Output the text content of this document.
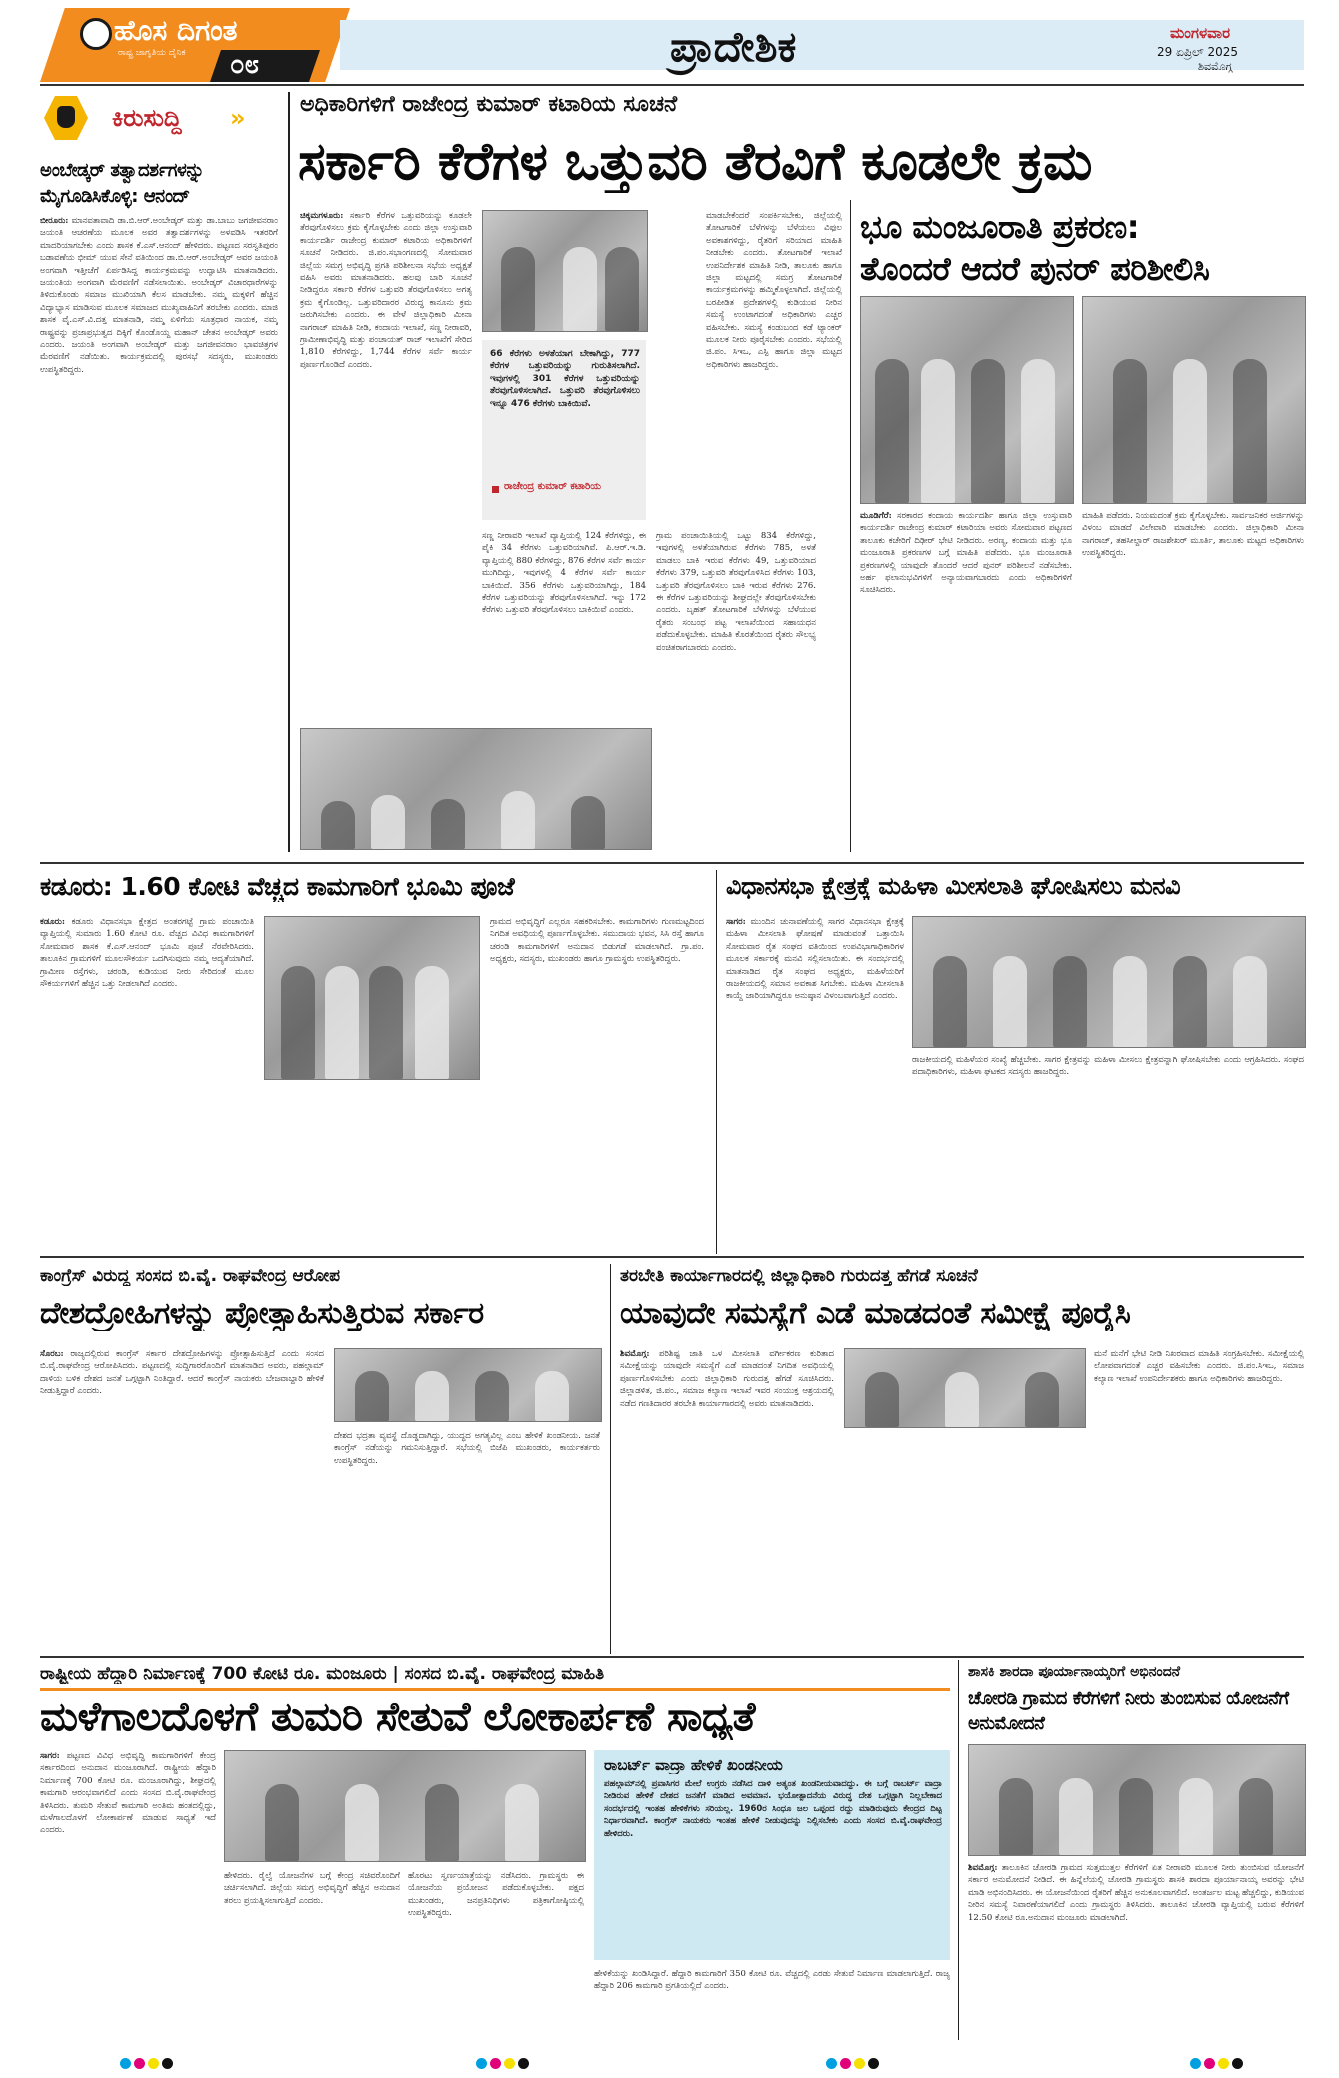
ಹೊಸ ದಿಗಂತ
ರಾಷ್ಟ್ರ ಜಾಗೃತಿಯ ದೈನಿಕ ೦೮	ಪ್ರಾದೇಶಿಕ	ಮಂಗಳವಾರ
29 ಏಪ್ರಿಲ್ 2025
ಶಿವಮೊಗ್ಗ
ಕಿರುಸುದ್ದಿ »
ಅಂಬೇಡ್ಕರ್ ತತ್ವಾದರ್ಶಗಳನ್ನು ಮೈಗೂಡಿಸಿಕೊಳ್ಳಿ: ಆನಂದ್
ಬೀರೂರು: ಮಾನವತಾವಾದಿ ಡಾ.ಬಿ.ಆರ್.ಅಂಬೇಡ್ಕರ್ ಮತ್ತು ಡಾ.ಬಾಬು ಜಗಜೀವನರಾಂ ಜಯಂತಿ ಆಚರಣೆಯ ಮೂಲಕ ಅವರ ತತ್ವಾದರ್ಶಗಳನ್ನು ಅಳವಡಿಸಿ ಇತರರಿಗೆ ಮಾದರಿಯಾಗಬೇಕು ಎಂದು ಶಾಸಕ ಕೆ.ಎಸ್.ಆನಂದ್ ಹೇಳಿದರು. ಪಟ್ಟಣದ ಸರಸ್ವತಿಪುರಂ ಬಡಾವಣೆಯ ಭೀಮ್ ಯುವ ಸೇನೆ ವತಿಯಿಂದ ಡಾ.ಬಿ.ಆರ್.ಅಂಬೇಡ್ಕರ್ ಅವರ ಜಯಂತಿ ಅಂಗವಾಗಿ ಇತ್ತೀಚೆಗೆ ಏರ್ಪಡಿಸಿದ್ದ ಕಾರ್ಯಕ್ರಮವನ್ನು ಉದ್ಘಾಟಿಸಿ ಮಾತನಾಡಿದರು. ಜಯಂತಿಯ ಅಂಗವಾಗಿ ಮೆರವಣಿಗೆ ನಡೆಸಲಾಯಿತು. ಅಂಬೇಡ್ಕರ್ ವಿಚಾರಧಾರೆಗಳನ್ನು ತಿಳಿದುಕೊಂಡು ಸಮಾಜ ಮುಖಿಯಾಗಿ ಕೆಲಸ ಮಾಡಬೇಕು. ನಮ್ಮ ಮಕ್ಕಳಿಗೆ ಹೆಚ್ಚಿನ ವಿದ್ಯಾಭ್ಯಾಸ ಮಾಡಿಸುವ ಮೂಲಕ ಸಮಾಜದ ಮುಖ್ಯವಾಹಿನಿಗೆ ತರಬೇಕು ಎಂದರು. ಮಾಜಿ ಶಾಸಕ ವೈ.ಎಸ್.ವಿ.ದತ್ತ ಮಾತನಾಡಿ, ನಮ್ಮ ಏಳಿಗೆಯ ಸೂತ್ರಧಾರ ನಾಯಕ, ನಮ್ಮ ರಾಷ್ಟ್ರವನ್ನು ಪ್ರಜಾಪ್ರಭುತ್ವದ ದಿಕ್ಕಿಗೆ ಕೊಂಡೊಯ್ದ ಮಹಾನ್ ಚೇತನ ಅಂಬೇಡ್ಕರ್ ಅವರು ಎಂದರು. ಜಯಂತಿ ಅಂಗವಾಗಿ ಅಂಬೇಡ್ಕರ್ ಮತ್ತು ಜಗಜೀವನರಾಂ ಭಾವಚಿತ್ರಗಳ ಮೆರವಣಿಗೆ ನಡೆಯಿತು. ಕಾರ್ಯಕ್ರಮದಲ್ಲಿ ಪುರಸಭೆ ಸದಸ್ಯರು, ಮುಖಂಡರು ಉಪಸ್ಥಿತರಿದ್ದರು.
ಅಧಿಕಾರಿಗಳಿಗೆ ರಾಜೇಂದ್ರ ಕುಮಾರ್ ಕಟಾರಿಯ ಸೂಚನೆ
ಸರ್ಕಾರಿ ಕೆರೆಗಳ ಒತ್ತುವರಿ ತೆರವಿಗೆ ಕೂಡಲೇ ಕ್ರಮ
ಚಿಕ್ಕಮಗಳೂರು: ಸರ್ಕಾರಿ ಕೆರೆಗಳ ಒತ್ತುವರಿಯನ್ನು ಕೂಡಲೇ ತೆರವುಗೊಳಿಸಲು ಕ್ರಮ ಕೈಗೊಳ್ಳಬೇಕು ಎಂದು ಜಿಲ್ಲಾ ಉಸ್ತುವಾರಿ ಕಾರ್ಯದರ್ಶಿ ರಾಜೇಂದ್ರ ಕುಮಾರ್ ಕಟಾರಿಯ ಅಧಿಕಾರಿಗಳಿಗೆ ಸೂಚನೆ ನೀಡಿದರು. ಜಿ.ಪಂ.ಸಭಾಂಗಣದಲ್ಲಿ ಸೋಮವಾರ ಜಿಲ್ಲೆಯ ಸಮಗ್ರ ಅಭಿವೃದ್ಧಿ ಪ್ರಗತಿ ಪರಿಶೀಲನಾ ಸಭೆಯ ಅಧ್ಯಕ್ಷತೆ ವಹಿಸಿ ಅವರು ಮಾತನಾಡಿದರು. ಹಲವು ಬಾರಿ ಸೂಚನೆ ನೀಡಿದ್ದರೂ ಸರ್ಕಾರಿ ಕೆರೆಗಳ ಒತ್ತುವರಿ ತೆರವುಗೊಳಿಸಲು ಅಗತ್ಯ ಕ್ರಮ ಕೈಗೊಂಡಿಲ್ಲ. ಒತ್ತುವರಿದಾರರ ವಿರುದ್ಧ ಕಾನೂನು ಕ್ರಮ ಜರುಗಿಸಬೇಕು ಎಂದರು. ಈ ವೇಳೆ ಜಿಲ್ಲಾಧಿಕಾರಿ ಮೀನಾ ನಾಗರಾಜ್ ಮಾಹಿತಿ ನೀಡಿ, ಕಂದಾಯ ಇಲಾಖೆ, ಸಣ್ಣ ನೀರಾವರಿ, ಗ್ರಾಮೀಣಾಭಿವೃದ್ಧಿ ಮತ್ತು ಪಂಚಾಯತ್ ರಾಜ್ ಇಲಾಖೆಗೆ ಸೇರಿದ 1,810 ಕೆರೆಗಳಿದ್ದು, 1,744 ಕೆರೆಗಳ ಸರ್ವೆ ಕಾರ್ಯ ಪೂರ್ಣಗೊಂಡಿದೆ ಎಂದರು.
66 ಕೆರೆಗಳು ಅಳತೆಯಾಗ ಬೇಕಾಗಿದ್ದು, 777 ಕೆರೆಗಳ ಒತ್ತುವರಿಯನ್ನು ಗುರುತಿಸಲಾಗಿದೆ. ಇವುಗಳಲ್ಲಿ 301 ಕೆರೆಗಳ ಒತ್ತುವರಿಯನ್ನು ತೆರವುಗೊಳಿಸಲಾಗಿದೆ. ಒತ್ತುವರಿ ತೆರವುಗೊಳಿಸಲು ಇನ್ನೂ 476 ಕೆರೆಗಳು ಬಾಕಿಯಿವೆ.
ರಾಜೇಂದ್ರ ಕುಮಾರ್ ಕಟಾರಿಯ
ಸಣ್ಣ ನೀರಾವರಿ ಇಲಾಖೆ ವ್ಯಾಪ್ತಿಯಲ್ಲಿ 124 ಕೆರೆಗಳಿದ್ದು, ಈ ಪೈಕಿ 34 ಕೆರೆಗಳು ಒತ್ತುವರಿಯಾಗಿವೆ. ಪಿ.ಆರ್.ಇ.ಡಿ. ವ್ಯಾಪ್ತಿಯಲ್ಲಿ 880 ಕೆರೆಗಳಿದ್ದು, 876 ಕೆರೆಗಳ ಸರ್ವೆ ಕಾರ್ಯ ಮುಗಿದಿದ್ದು, ಇವುಗಳಲ್ಲಿ 4 ಕೆರೆಗಳ ಸರ್ವೆ ಕಾರ್ಯ ಬಾಕಿಯಿದೆ. 356 ಕೆರೆಗಳು ಒತ್ತುವರಿಯಾಗಿದ್ದು, 184 ಕೆರೆಗಳ ಒತ್ತುವರಿಯನ್ನು ತೆರವುಗೊಳಿಸಲಾಗಿದೆ. ಇನ್ನು 172 ಕೆರೆಗಳು ಒತ್ತುವರಿ ತೆರವುಗೊಳಿಸಲು ಬಾಕಿಯಿವೆ ಎಂದರು.
ಗ್ರಾಮ ಪಂಚಾಯಿತಿಯಲ್ಲಿ ಒಟ್ಟು 834 ಕೆರೆಗಳಿದ್ದು, ಇವುಗಳಲ್ಲಿ ಅಳತೆಯಾಗಿರುವ ಕೆರೆಗಳು 785, ಅಳತೆ ಮಾಡಲು ಬಾಕಿ ಇರುವ ಕೆರೆಗಳು 49, ಒತ್ತುವರಿಯಾದ ಕೆರೆಗಳು 379, ಒತ್ತುವರಿ ತೆರವುಗೊಳಿಸಿದ ಕೆರೆಗಳು 103, ಒತ್ತುವರಿ ತೆರವುಗೊಳಿಸಲು ಬಾಕಿ ಇರುವ ಕೆರೆಗಳು 276. ಈ ಕೆರೆಗಳ ಒತ್ತುವರಿಯನ್ನು ಶೀಘ್ರದಲ್ಲೇ ತೆರವುಗೊಳಿಸಬೇಕು ಎಂದರು. ಬೃಹತ್ ತೋಟಗಾರಿಕೆ ಬೆಳೆಗಳನ್ನು ಬೆಳೆಯುವ ರೈತರು ಸಂಬಂಧ ಪಟ್ಟ ಇಲಾಖೆಯಿಂದ ಸಹಾಯಧನ ಪಡೆದುಕೊಳ್ಳಬೇಕು. ಮಾಹಿತಿ ಕೊರತೆಯಿಂದ ರೈತರು ಸೌಲಭ್ಯ ವಂಚಿತರಾಗಬಾರದು ಎಂದರು.
ಮಾಡಬೇಕೆಂದರೆ ಸಂಪರ್ಕಿಸಬೇಕು, ಜಿಲ್ಲೆಯಲ್ಲಿ ತೋಟಗಾರಿಕೆ ಬೆಳೆಗಳನ್ನು ಬೆಳೆಯಲು ವಿಫುಲ ಅವಕಾಶಗಳಿದ್ದು, ರೈತರಿಗೆ ಸರಿಯಾದ ಮಾಹಿತಿ ನೀಡಬೇಕು ಎಂದರು. ತೋಟಗಾರಿಕೆ ಇಲಾಖೆ ಉಪನಿರ್ದೇಶಕ ಮಾಹಿತಿ ನೀಡಿ, ತಾಲೂಕು ಹಾಗೂ ಜಿಲ್ಲಾ ಮಟ್ಟದಲ್ಲಿ ಸಮಗ್ರ ತೋಟಗಾರಿಕೆ ಕಾರ್ಯಕ್ರಮಗಳನ್ನು ಹಮ್ಮಿಕೊಳ್ಳಲಾಗಿದೆ. ಜಿಲ್ಲೆಯಲ್ಲಿ ಬರಪೀಡಿತ ಪ್ರದೇಶಗಳಲ್ಲಿ ಕುಡಿಯುವ ನೀರಿನ ಸಮಸ್ಯೆ ಉಂಟಾಗದಂತೆ ಅಧಿಕಾರಿಗಳು ಎಚ್ಚರ ವಹಿಸಬೇಕು. ಸಮಸ್ಯೆ ಕಂಡುಬಂದ ಕಡೆ ಟ್ಯಾಂಕರ್ ಮೂಲಕ ನೀರು ಪೂರೈಸಬೇಕು ಎಂದರು. ಸಭೆಯಲ್ಲಿ ಜಿ.ಪಂ. ಸಿಇಒ, ಎಸ್ಪಿ ಹಾಗೂ ಜಿಲ್ಲಾ ಮಟ್ಟದ ಅಧಿಕಾರಿಗಳು ಹಾಜರಿದ್ದರು.
ಭೂ ಮಂಜೂರಾತಿ ಪ್ರಕರಣ:
ತೊಂದರೆ ಆದರೆ ಪುನರ್ ಪರಿಶೀಲಿಸಿ
ಮೂಡಿಗೆರೆ: ಸರಕಾರದ ಕಂದಾಯ ಕಾರ್ಯದರ್ಶಿ ಹಾಗೂ ಜಿಲ್ಲಾ ಉಸ್ತುವಾರಿ ಕಾರ್ಯದರ್ಶಿ ರಾಜೇಂದ್ರ ಕುಮಾರ್ ಕಟಾರಿಯಾ ಅವರು ಸೋಮವಾರ ಪಟ್ಟಣದ ತಾಲೂಕು ಕಚೇರಿಗೆ ದಿಢೀರ್ ಭೇಟಿ ನೀಡಿದರು. ಅರಣ್ಯ, ಕಂದಾಯ ಮತ್ತು ಭೂ ಮಂಜೂರಾತಿ ಪ್ರಕರಣಗಳ ಬಗ್ಗೆ ಮಾಹಿತಿ ಪಡೆದರು. ಭೂ ಮಂಜೂರಾತಿ ಪ್ರಕರಣಗಳಲ್ಲಿ ಯಾವುದೇ ತೊಂದರೆ ಆದರೆ ಪುನರ್ ಪರಿಶೀಲನೆ ನಡೆಸಬೇಕು. ಅರ್ಹ ಫಲಾನುಭವಿಗಳಿಗೆ ಅನ್ಯಾಯವಾಗಬಾರದು ಎಂದು ಅಧಿಕಾರಿಗಳಿಗೆ ಸೂಚಿಸಿದರು.
ಮಾಹಿತಿ ಪಡೆದರು. ನಿಯಮದಂತೆ ಕ್ರಮ ಕೈಗೊಳ್ಳಬೇಕು. ಸಾರ್ವಜನಿಕರ ಅರ್ಜಿಗಳನ್ನು ವಿಳಂಬ ಮಾಡದೆ ವಿಲೇವಾರಿ ಮಾಡಬೇಕು ಎಂದರು. ಜಿಲ್ಲಾಧಿಕಾರಿ ಮೀನಾ ನಾಗರಾಜ್, ತಹಸೀಲ್ದಾರ್ ರಾಜಶೇಖರ್ ಮೂರ್ತಿ, ತಾಲೂಕು ಮಟ್ಟದ ಅಧಿಕಾರಿಗಳು ಉಪಸ್ಥಿತರಿದ್ದರು.
ಕಡೂರು: 1.60 ಕೋಟಿ ವೆಚ್ಚದ ಕಾಮಗಾರಿಗೆ ಭೂಮಿ ಪೂಜೆ
ಕಡೂರು: ಕಡೂರು ವಿಧಾನಸಭಾ ಕ್ಷೇತ್ರದ ಅಂತರಗಟ್ಟೆ ಗ್ರಾಮ ಪಂಚಾಯಿತಿ ವ್ಯಾಪ್ತಿಯಲ್ಲಿ ಸುಮಾರು 1.60 ಕೋಟಿ ರೂ. ವೆಚ್ಚದ ವಿವಿಧ ಕಾಮಗಾರಿಗಳಿಗೆ ಸೋಮವಾರ ಶಾಸಕ ಕೆ.ಎಸ್.ಆನಂದ್ ಭೂಮಿ ಪೂಜೆ ನೆರವೇರಿಸಿದರು. ತಾಲೂಕಿನ ಗ್ರಾಮಗಳಿಗೆ ಮೂಲಸೌಕರ್ಯ ಒದಗಿಸುವುದು ನಮ್ಮ ಆದ್ಯತೆಯಾಗಿದೆ. ಗ್ರಾಮೀಣ ರಸ್ತೆಗಳು, ಚರಂಡಿ, ಕುಡಿಯುವ ನೀರು ಸೇರಿದಂತೆ ಮೂಲ ಸೌಕರ್ಯಗಳಿಗೆ ಹೆಚ್ಚಿನ ಒತ್ತು ನೀಡಲಾಗಿದೆ ಎಂದರು.
ಗ್ರಾಮದ ಅಭಿವೃದ್ಧಿಗೆ ಎಲ್ಲರೂ ಸಹಕರಿಸಬೇಕು. ಕಾಮಗಾರಿಗಳು ಗುಣಮಟ್ಟದಿಂದ ನಿಗದಿತ ಅವಧಿಯಲ್ಲಿ ಪೂರ್ಣಗೊಳ್ಳಬೇಕು. ಸಮುದಾಯ ಭವನ, ಸಿಸಿ ರಸ್ತೆ ಹಾಗೂ ಚರಂಡಿ ಕಾಮಗಾರಿಗಳಿಗೆ ಅನುದಾನ ಬಿಡುಗಡೆ ಮಾಡಲಾಗಿದೆ. ಗ್ರಾ.ಪಂ. ಅಧ್ಯಕ್ಷರು, ಸದಸ್ಯರು, ಮುಖಂಡರು ಹಾಗೂ ಗ್ರಾಮಸ್ಥರು ಉಪಸ್ಥಿತರಿದ್ದರು.
ವಿಧಾನಸಭಾ ಕ್ಷೇತ್ರಕ್ಕೆ ಮಹಿಳಾ ಮೀಸಲಾತಿ ಘೋಷಿಸಲು ಮನವಿ
ಸಾಗರ: ಮುಂದಿನ ಚುನಾವಣೆಯಲ್ಲಿ ಸಾಗರ ವಿಧಾನಸಭಾ ಕ್ಷೇತ್ರಕ್ಕೆ ಮಹಿಳಾ ಮೀಸಲಾತಿ ಘೋಷಣೆ ಮಾಡುವಂತೆ ಒತ್ತಾಯಿಸಿ ಸೋಮವಾರ ರೈತ ಸಂಘದ ವತಿಯಿಂದ ಉಪವಿಭಾಗಾಧಿಕಾರಿಗಳ ಮೂಲಕ ಸರ್ಕಾರಕ್ಕೆ ಮನವಿ ಸಲ್ಲಿಸಲಾಯಿತು. ಈ ಸಂದರ್ಭದಲ್ಲಿ ಮಾತನಾಡಿದ ರೈತ ಸಂಘದ ಅಧ್ಯಕ್ಷರು, ಮಹಿಳೆಯರಿಗೆ ರಾಜಕೀಯದಲ್ಲಿ ಸಮಾನ ಅವಕಾಶ ಸಿಗಬೇಕು. ಮಹಿಳಾ ಮೀಸಲಾತಿ ಕಾಯ್ದೆ ಜಾರಿಯಾಗಿದ್ದರೂ ಅನುಷ್ಠಾನ ವಿಳಂಬವಾಗುತ್ತಿದೆ ಎಂದರು.
ರಾಜಕೀಯದಲ್ಲಿ ಮಹಿಳೆಯರ ಸಂಖ್ಯೆ ಹೆಚ್ಚಬೇಕು. ಸಾಗರ ಕ್ಷೇತ್ರವನ್ನು ಮಹಿಳಾ ಮೀಸಲು ಕ್ಷೇತ್ರವನ್ನಾಗಿ ಘೋಷಿಸಬೇಕು ಎಂದು ಆಗ್ರಹಿಸಿದರು. ಸಂಘದ ಪದಾಧಿಕಾರಿಗಳು, ಮಹಿಳಾ ಘಟಕದ ಸದಸ್ಯರು ಹಾಜರಿದ್ದರು.
ಕಾಂಗ್ರೆಸ್ ವಿರುದ್ಧ ಸಂಸದ ಬಿ.ವೈ. ರಾಘವೇಂದ್ರ ಆರೋಪ
ದೇಶದ್ರೋಹಿಗಳನ್ನು ಪ್ರೋತ್ಸಾಹಿಸುತ್ತಿರುವ ಸರ್ಕಾರ
ಸೊರಬ: ರಾಜ್ಯದಲ್ಲಿರುವ ಕಾಂಗ್ರೆಸ್ ಸರ್ಕಾರ ದೇಶದ್ರೋಹಿಗಳನ್ನು ಪ್ರೋತ್ಸಾಹಿಸುತ್ತಿದೆ ಎಂದು ಸಂಸದ ಬಿ.ವೈ.ರಾಘವೇಂದ್ರ ಆರೋಪಿಸಿದರು. ಪಟ್ಟಣದಲ್ಲಿ ಸುದ್ದಿಗಾರರೊಂದಿಗೆ ಮಾತನಾಡಿದ ಅವರು, ಪಹಲ್ಗಾಮ್ ದಾಳಿಯ ಬಳಿಕ ದೇಶದ ಜನತೆ ಒಗ್ಗಟ್ಟಾಗಿ ನಿಂತಿದ್ದಾರೆ. ಆದರೆ ಕಾಂಗ್ರೆಸ್ ನಾಯಕರು ಬೇಜವಾಬ್ದಾರಿ ಹೇಳಿಕೆ ನೀಡುತ್ತಿದ್ದಾರೆ ಎಂದರು.
ದೇಶದ ಭದ್ರತಾ ವ್ಯವಸ್ಥೆ ದೊಡ್ಡದಾಗಿದ್ದು, ಯುದ್ಧದ ಅಗತ್ಯವಿಲ್ಲ ಎಂಬ ಹೇಳಿಕೆ ಖಂಡನೀಯ. ಜನತೆ ಕಾಂಗ್ರೆಸ್ ನಡೆಯನ್ನು ಗಮನಿಸುತ್ತಿದ್ದಾರೆ. ಸಭೆಯಲ್ಲಿ ಬಿಜೆಪಿ ಮುಖಂಡರು, ಕಾರ್ಯಕರ್ತರು ಉಪಸ್ಥಿತರಿದ್ದರು.
ತರಬೇತಿ ಕಾರ್ಯಾಗಾರದಲ್ಲಿ ಜಿಲ್ಲಾಧಿಕಾರಿ ಗುರುದತ್ತ ಹೆಗಡೆ ಸೂಚನೆ
ಯಾವುದೇ ಸಮಸ್ಯೆಗೆ ಎಡೆ ಮಾಡದಂತೆ ಸಮೀಕ್ಷೆ ಪೂರೈಸಿ
ಶಿವಮೊಗ್ಗ: ಪರಿಶಿಷ್ಟ ಜಾತಿ ಒಳ ಮೀಸಲಾತಿ ವರ್ಗೀಕರಣ ಕುರಿತಾದ ಸಮೀಕ್ಷೆಯನ್ನು ಯಾವುದೇ ಸಮಸ್ಯೆಗೆ ಎಡೆ ಮಾಡದಂತೆ ನಿಗದಿತ ಅವಧಿಯಲ್ಲಿ ಪೂರ್ಣಗೊಳಿಸಬೇಕು ಎಂದು ಜಿಲ್ಲಾಧಿಕಾರಿ ಗುರುದತ್ತ ಹೆಗಡೆ ಸೂಚಿಸಿದರು. ಜಿಲ್ಲಾಡಳಿತ, ಜಿ.ಪಂ., ಸಮಾಜ ಕಲ್ಯಾಣ ಇಲಾಖೆ ಇವರ ಸಂಯುಕ್ತ ಆಶ್ರಯದಲ್ಲಿ ನಡೆದ ಗಣತಿದಾರರ ತರಬೇತಿ ಕಾರ್ಯಾಗಾರದಲ್ಲಿ ಅವರು ಮಾತನಾಡಿದರು.
ಮನೆ ಮನೆಗೆ ಭೇಟಿ ನೀಡಿ ನಿಖರವಾದ ಮಾಹಿತಿ ಸಂಗ್ರಹಿಸಬೇಕು. ಸಮೀಕ್ಷೆಯಲ್ಲಿ ಲೋಪವಾಗದಂತೆ ಎಚ್ಚರ ವಹಿಸಬೇಕು ಎಂದರು. ಜಿ.ಪಂ.ಸಿಇಒ, ಸಮಾಜ ಕಲ್ಯಾಣ ಇಲಾಖೆ ಉಪನಿರ್ದೇಶಕರು ಹಾಗೂ ಅಧಿಕಾರಿಗಳು ಹಾಜರಿದ್ದರು.
ರಾಷ್ಟ್ರೀಯ ಹೆದ್ದಾರಿ ನಿರ್ಮಾಣಕ್ಕೆ 700 ಕೋಟಿ ರೂ. ಮಂಜೂರು | ಸಂಸದ ಬಿ.ವೈ. ರಾಘವೇಂದ್ರ ಮಾಹಿತಿ
ಮಳೆಗಾಲದೊಳಗೆ ತುಮರಿ ಸೇತುವೆ ಲೋಕಾರ್ಪಣೆ ಸಾಧ್ಯತೆ
ಸಾಗರ: ಪಟ್ಟಣದ ವಿವಿಧ ಅಭಿವೃದ್ಧಿ ಕಾಮಗಾರಿಗಳಿಗೆ ಕೇಂದ್ರ ಸರ್ಕಾರದಿಂದ ಅನುದಾನ ಮಂಜೂರಾಗಿದೆ. ರಾಷ್ಟ್ರೀಯ ಹೆದ್ದಾರಿ ನಿರ್ಮಾಣಕ್ಕೆ 700 ಕೋಟಿ ರೂ. ಮಂಜೂರಾಗಿದ್ದು, ಶೀಘ್ರದಲ್ಲಿ ಕಾಮಗಾರಿ ಆರಂಭವಾಗಲಿದೆ ಎಂದು ಸಂಸದ ಬಿ.ವೈ.ರಾಘವೇಂದ್ರ ತಿಳಿಸಿದರು. ತುಮರಿ ಸೇತುವೆ ಕಾಮಗಾರಿ ಅಂತಿಮ ಹಂತದಲ್ಲಿದ್ದು, ಮಳೆಗಾಲದೊಳಗೆ ಲೋಕಾರ್ಪಣೆ ಮಾಡುವ ಸಾಧ್ಯತೆ ಇದೆ ಎಂದರು.
ಹೇಳಿದರು. ರೈಲ್ವೆ ಯೋಜನೆಗಳ ಬಗ್ಗೆ ಕೇಂದ್ರ ಸಚಿವರೊಂದಿಗೆ ಚರ್ಚಿಸಲಾಗಿದೆ. ಜಿಲ್ಲೆಯ ಸಮಗ್ರ ಅಭಿವೃದ್ಧಿಗೆ ಹೆಚ್ಚಿನ ಅನುದಾನ ತರಲು ಪ್ರಯತ್ನಿಸಲಾಗುತ್ತಿದೆ ಎಂದರು.
ಹೊರಟು ಸ್ವರ್ಣಯಾತ್ರೆಯನ್ನು ನಡೆಸಿದರು. ಗ್ರಾಮಸ್ಥರು ಈ ಯೋಜನೆಯ ಪ್ರಯೋಜನ ಪಡೆದುಕೊಳ್ಳಬೇಕು. ಪಕ್ಷದ ಮುಖಂಡರು, ಜನಪ್ರತಿನಿಧಿಗಳು ಪತ್ರಿಕಾಗೋಷ್ಠಿಯಲ್ಲಿ ಉಪಸ್ಥಿತರಿದ್ದರು.
ರಾಬರ್ಟ್ ವಾದ್ರಾ ಹೇಳಿಕೆ ಖಂಡನೀಯ
ಪಹಲ್ಗಾಮ್‌ನಲ್ಲಿ ಪ್ರವಾಸಿಗರ ಮೇಲೆ ಉಗ್ರರು ನಡೆಸಿದ ದಾಳಿ ಅತ್ಯಂತ ಖಂಡನೀಯವಾದದ್ದು. ಈ ಬಗ್ಗೆ ರಾಬರ್ಟ್ ವಾದ್ರಾ ನೀಡಿರುವ ಹೇಳಿಕೆ ದೇಶದ ಜನತೆಗೆ ಮಾಡಿದ ಅವಮಾನ. ಭಯೋತ್ಪಾದನೆಯ ವಿರುದ್ಧ ದೇಶ ಒಗ್ಗಟ್ಟಾಗಿ ನಿಲ್ಲಬೇಕಾದ ಸಂದರ್ಭದಲ್ಲಿ ಇಂತಹ ಹೇಳಿಕೆಗಳು ಸರಿಯಲ್ಲ. 1960ರ ಸಿಂಧೂ ಜಲ ಒಪ್ಪಂದ ರದ್ದು ಮಾಡಿರುವುದು ಕೇಂದ್ರದ ದಿಟ್ಟ ನಿರ್ಧಾರವಾಗಿದೆ. ಕಾಂಗ್ರೆಸ್ ನಾಯಕರು ಇಂತಹ ಹೇಳಿಕೆ ನೀಡುವುದನ್ನು ನಿಲ್ಲಿಸಬೇಕು ಎಂದು ಸಂಸದ ಬಿ.ವೈ.ರಾಘವೇಂದ್ರ ಹೇಳಿದರು.
ಹೇಳಿಕೆಯನ್ನು ಖಂಡಿಸಿದ್ದಾರೆ. ಹೆದ್ದಾರಿ ಕಾಮಗಾರಿಗೆ 350 ಕೋಟಿ ರೂ. ವೆಚ್ಚದಲ್ಲಿ ಎರಡು ಸೇತುವೆ ನಿರ್ಮಾಣ ಮಾಡಲಾಗುತ್ತಿದೆ. ರಾಜ್ಯ ಹೆದ್ದಾರಿ 206 ಕಾಮಗಾರಿ ಪ್ರಗತಿಯಲ್ಲಿದೆ ಎಂದರು.
ಶಾಸಕಿ ಶಾರದಾ ಪೂರ್ಯಾನಾಯ್ಕರಿಗೆ ಅಭಿನಂದನೆ
ಚೋರಡಿ ಗ್ರಾಮದ ಕೆರೆಗಳಿಗೆ ನೀರು ತುಂಬಿಸುವ ಯೋಜನೆಗೆ ಅನುಮೋದನೆ
ಶಿವಮೊಗ್ಗ: ತಾಲೂಕಿನ ಚೋರಡಿ ಗ್ರಾಮದ ಸುತ್ತಮುತ್ತಲ ಕೆರೆಗಳಿಗೆ ಏತ ನೀರಾವರಿ ಮೂಲಕ ನೀರು ತುಂಬಿಸುವ ಯೋಜನೆಗೆ ಸರ್ಕಾರ ಅನುಮೋದನೆ ನೀಡಿದೆ. ಈ ಹಿನ್ನೆಲೆಯಲ್ಲಿ ಚೋರಡಿ ಗ್ರಾಮಸ್ಥರು ಶಾಸಕಿ ಶಾರದಾ ಪೂರ್ಯಾನಾಯ್ಕ ಅವರನ್ನು ಭೇಟಿ ಮಾಡಿ ಅಭಿನಂದಿಸಿದರು. ಈ ಯೋಜನೆಯಿಂದ ರೈತರಿಗೆ ಹೆಚ್ಚಿನ ಅನುಕೂಲವಾಗಲಿದೆ. ಅಂತರ್ಜಲ ಮಟ್ಟ ಹೆಚ್ಚಲಿದ್ದು, ಕುಡಿಯುವ ನೀರಿನ ಸಮಸ್ಯೆ ನಿವಾರಣೆಯಾಗಲಿದೆ ಎಂದು ಗ್ರಾಮಸ್ಥರು ತಿಳಿಸಿದರು. ತಾಲೂಕಿನ ಚೋರಡಿ ವ್ಯಾಪ್ತಿಯಲ್ಲಿ ಬರುವ ಕೆರೆಗಳಿಗೆ 12.50 ಕೋಟಿ ರೂ.ಅನುದಾನ ಮಂಜೂರು ಮಾಡಲಾಗಿದೆ.
